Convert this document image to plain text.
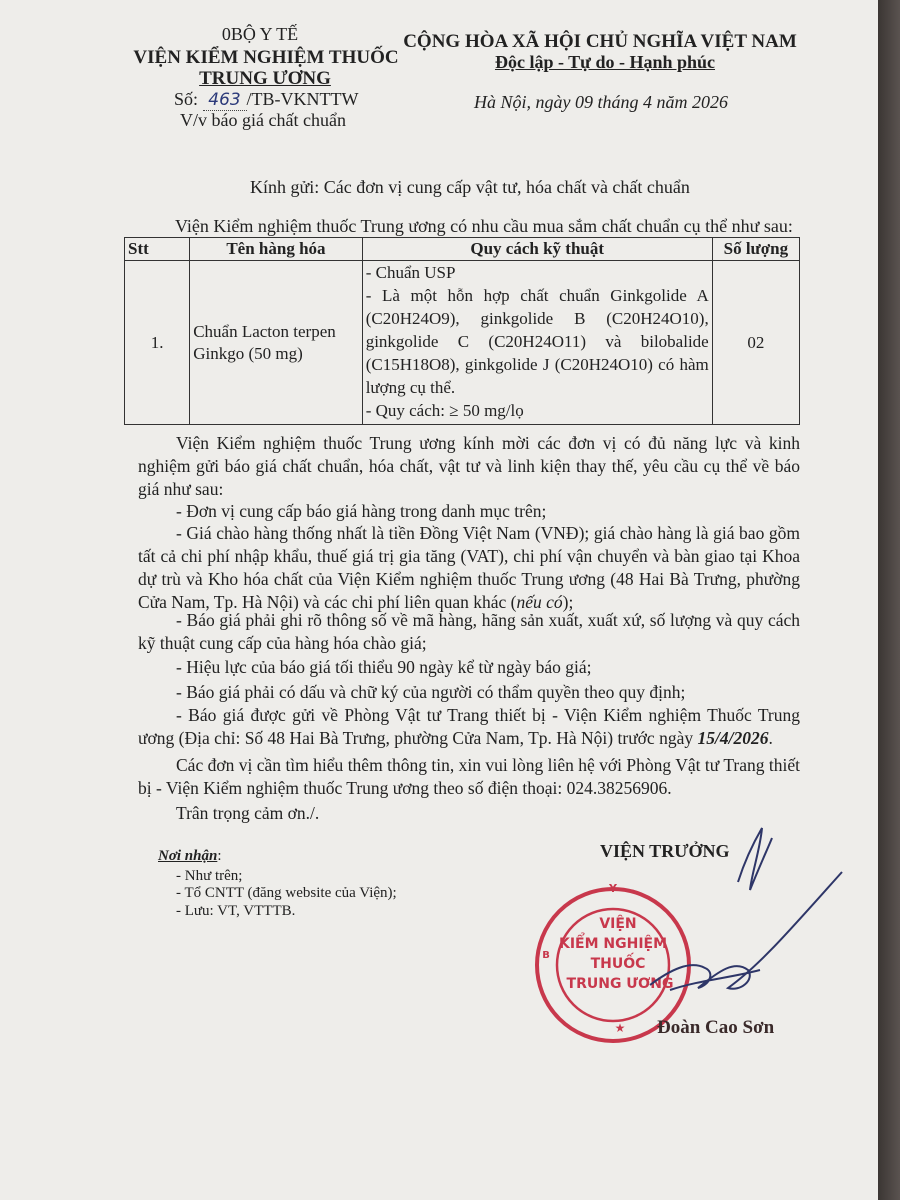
0BỘ Y TẾ
VIỆN KIỂM NGHIỆM THUỐC
TRUNG ƯƠNG
Số: 463 /TB-VKNTTW
V/v báo giá chất chuẩn
CỘNG HÒA XÃ HỘI CHỦ NGHĨA VIỆT NAM
Độc lập - Tự do - Hạnh phúc
Hà Nội, ngày 09 tháng 4 năm 2026
Kính gửi: Các đơn vị cung cấp vật tư, hóa chất và chất chuẩn
Viện Kiểm nghiệm thuốc Trung ương có nhu cầu mua sắm chất chuẩn cụ thể như sau:
Stt	Tên hàng hóa	Quy cách kỹ thuật	Số lượng
1.	Chuẩn Lacton terpen Ginkgo (50 mg)	- Chuẩn USP
- Là một hỗn hợp chất chuẩn Ginkgolide A (C20H24O9), ginkgolide B (C20H24O10), ginkgolide C (C20H24O11) và bilobalide (C15H18O8), ginkgolide J (C20H24O10) có hàm lượng cụ thể.
- Quy cách: ≥ 50 mg/lọ	02
Viện Kiểm nghiệm thuốc Trung ương kính mời các đơn vị có đủ năng lực và kinh nghiệm gửi báo giá chất chuẩn, hóa chất, vật tư và linh kiện thay thế, yêu cầu cụ thể về báo giá như sau:
- Đơn vị cung cấp báo giá hàng trong danh mục trên;
- Giá chào hàng thống nhất là tiền Đồng Việt Nam (VNĐ); giá chào hàng là giá bao gồm tất cả chi phí nhập khẩu, thuế giá trị gia tăng (VAT), chi phí vận chuyển và bàn giao tại Khoa dự trù và Kho hóa chất của Viện Kiểm nghiệm thuốc Trung ương (48 Hai Bà Trưng, phường Cửa Nam, Tp. Hà Nội) và các chi phí liên quan khác (nếu có);
- Báo giá phải ghi rõ thông số về mã hàng, hãng sản xuất, xuất xứ, số lượng và quy cách kỹ thuật cung cấp của hàng hóa chào giá;
- Hiệu lực của báo giá tối thiểu 90 ngày kể từ ngày báo giá;
- Báo giá phải có dấu và chữ ký của người có thẩm quyền theo quy định;
- Báo giá được gửi về Phòng Vật tư Trang thiết bị - Viện Kiểm nghiệm Thuốc Trung ương (Địa chỉ: Số 48 Hai Bà Trưng, phường Cửa Nam, Tp. Hà Nội) trước ngày 15/4/2026.
Các đơn vị cần tìm hiểu thêm thông tin, xin vui lòng liên hệ với Phòng Vật tư Trang thiết bị - Viện Kiểm nghiệm thuốc Trung ương theo số điện thoại: 024.38256906.
Trân trọng cảm ơn./.
Nơi nhận:
- Như trên;
- Tổ CNTT (đăng website của Viện);
- Lưu: VT, VTTTB.
VIỆN TRƯỞNG
Y
B
VIỆN
KIỂM NGHIỆM
THUỐC
TRUNG ƯƠNG
★ Đoàn Cao Sơn
